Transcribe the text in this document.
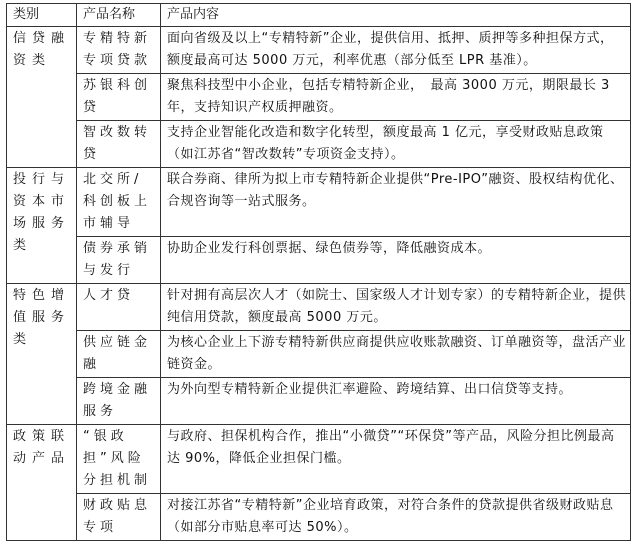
类别	产品名称	产品内容
信贷融资类	专精特新专项贷款	面向省级及以上“专精特新”企业，提供信用、抵押、质押等多种担保方式，额度最高可达 5000 万元，利率优惠（部分低至 LPR 基准）。
	苏银科创贷	聚焦科技型中小企业，包括专精特新企业，　最高 3000 万元，期限最长 3 年，支持知识产权质押融资。
	智改数转贷	支持企业智能化改造和数字化转型，额度最高 1 亿元，享受财政贴息政策（如江苏省“智改数转”专项资金支持）。
投行与资本市场服务类	北交所/科创板上市辅导	联合券商、律所为拟上市专精特新企业提供“Pre-IPO”融资、股权结构优化、合规咨询等一站式服务。
	债券承销与发行	协助企业发行科创票据、绿色债券等，降低融资成本。
特色增值服务类	人才贷	针对拥有高层次人才（如院士、国家级人才计划专家）的专精特新企业，提供纯信用贷款，额度最高 5000 万元。
	供应链金融	为核心企业上下游专精特新供应商提供应收账款融资、订单融资等，盘活产业链资金。
	跨境金融服务	为外向型专精特新企业提供汇率避险、跨境结算、出口信贷等支持。
政策联动产品	“银政担”风险分担机制	与政府、担保机构合作，推出“小微贷”“环保贷”等产品，风险分担比例最高达 90%，降低企业担保门槛。
	财政贴息专项	对接江苏省“专精特新”企业培育政策，对符合条件的贷款提供省级财政贴息（如部分市贴息率可达 50%）。
